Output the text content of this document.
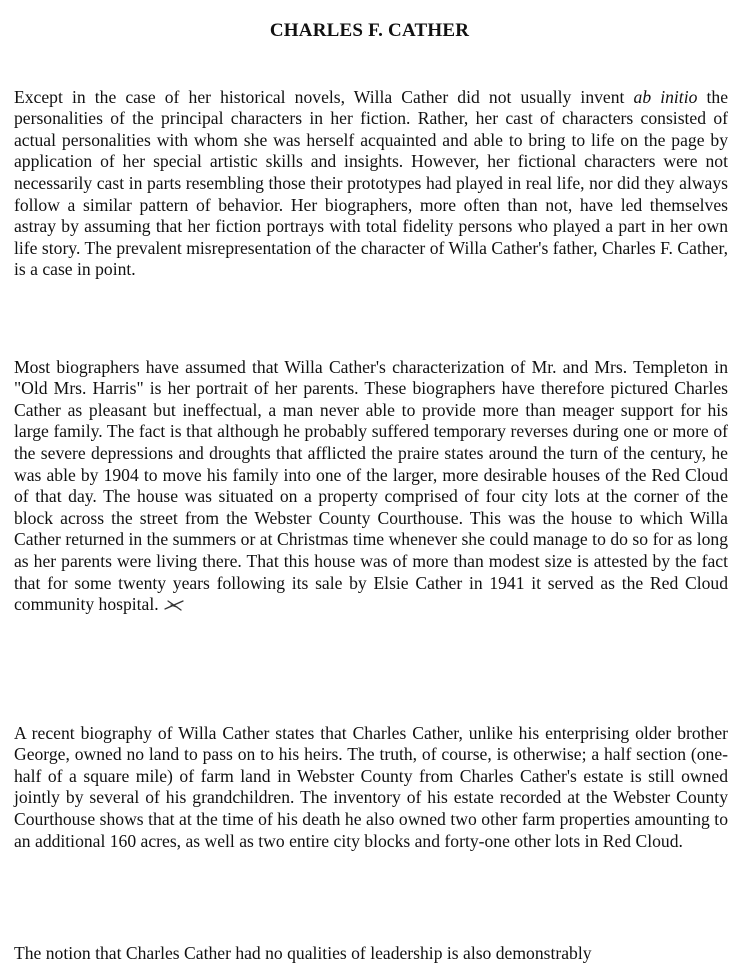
CHARLES F. CATHER

Except in the case of her historical novels, Willa Cather did not usually invent ab initio the personalities of the principal characters in her fiction. Rather, her cast of characters consisted of actual personalities with whom she was herself acquainted and able to bring to life on the page by application of her special artistic skills and insights. However, her fictional characters were not necessarily cast in parts resembling those their prototypes had played in real life, nor did they always follow a similar pattern of behavior. Her biographers, more often than not, have led themselves astray by assuming that her fiction portrays with total fidelity persons who played a part in her own life story. The prevalent misrepresentation of the character of Willa Cather's father, Charles F. Cather, is a case in point.

Most biographers have assumed that Willa Cather's characterization of Mr. and Mrs. Templeton in "Old Mrs. Harris" is her portrait of her parents. These biographers have therefore pictured Charles Cather as pleasant but ineffectual, a man never able to provide more than meager support for his large family. The fact is that although he probably suffered temporary reverses during one or more of the severe depressions and droughts that afflicted the praire states around the turn of the century, he was able by 1904 to move his family into one of the larger, more desirable houses of the Red Cloud of that day. The house was situated on a property comprised of four city lots at the corner of the block across the street from the Webster County Courthouse. This was the house to which Willa Cather returned in the summers or at Christmas time whenever she could manage to do so for as long as her parents were living there. That this house was of more than modest size is attested by the fact that for some twenty years following its sale by Elsie Cather in 1941 it served as the Red Cloud community hospital.

A recent biography of Willa Cather states that Charles Cather, unlike his enterprising older brother George, owned no land to pass on to his heirs. The truth, of course, is otherwise; a half section (one-half of a square mile) of farm land in Webster County from Charles Cather's estate is still owned jointly by several of his grandchildren. The inventory of his estate recorded at the Webster County Courthouse shows that at the time of his death he also owned two other farm properties amounting to an additional 160 acres, as well as two entire city blocks and forty-one other lots in Red Cloud.

The notion that Charles Cather had no qualities of leadership is also demonstrably
